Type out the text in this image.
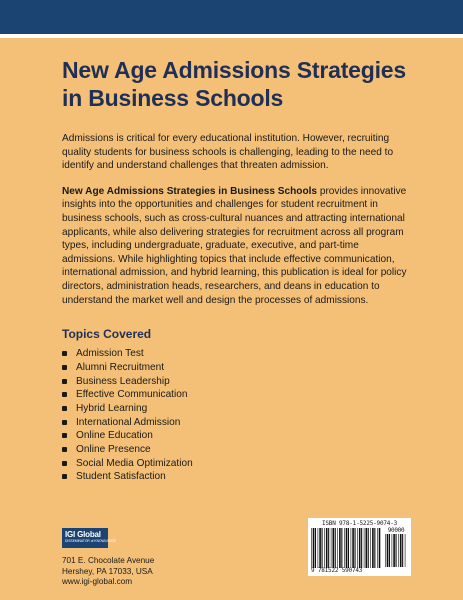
New Age Admissions Strategies
in Business Schools

Admissions is critical for every educational institution. However, recruiting quality students for business schools is challenging, leading to the need to identify and understand challenges that threaten admission.

New Age Admissions Strategies in Business Schools provides innovative insights into the opportunities and challenges for student recruitment in business schools, such as cross-cultural nuances and attracting international applicants, while also delivering strategies for recruitment across all program types, including undergraduate, graduate, executive, and part-time admissions. While highlighting topics that include effective communication, international admission, and hybrid learning, this publication is ideal for policy directors, administration heads, researchers, and deans in education to understand the market well and design the processes of admissions.

Topics Covered
Admission Test
Alumni Recruitment
Business Leadership
Effective Communication
Hybrid Learning
International Admission
Online Education
Online Presence
Social Media Optimization
Student Satisfaction
IGI Global
DISSEMINATOR of KNOWLEDGE
701 E. Chocolate Avenue
Hershey, PA 17033, USA
www.igi-global.com
ISBN 978-1-5225-9074-3
90000
9 781522 590743
